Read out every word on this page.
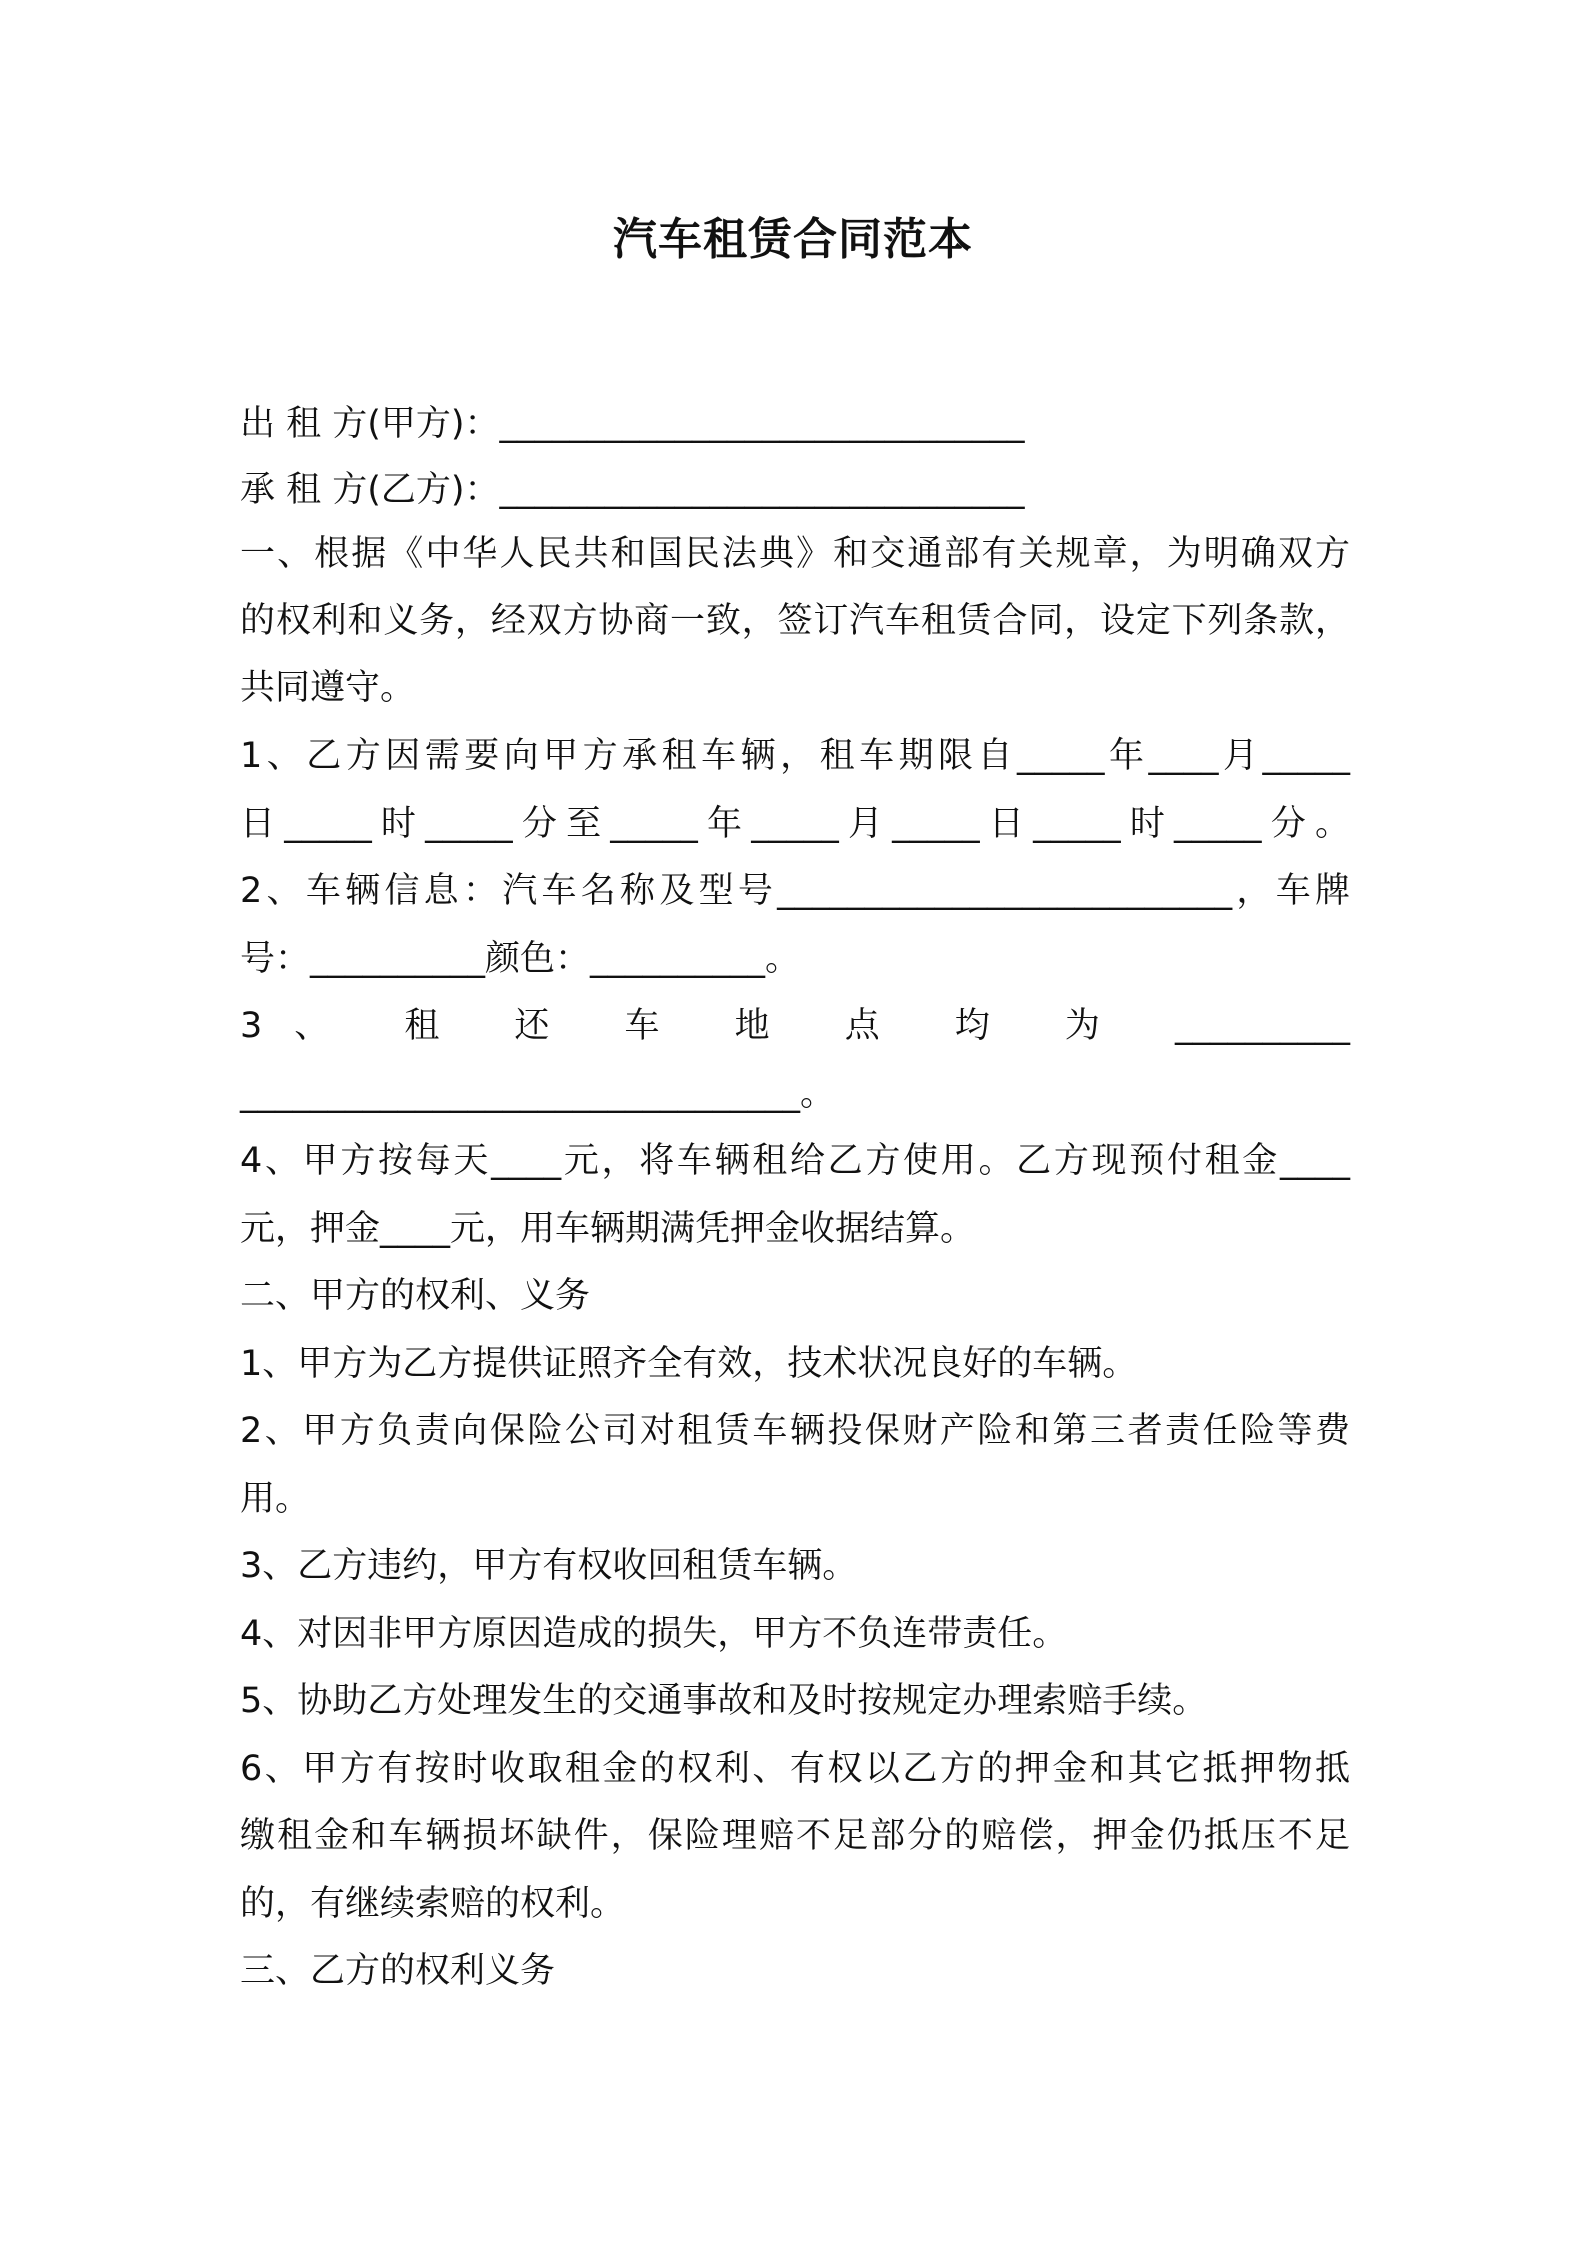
汽车租赁合同范本
出 租 方(甲方)：______________________________
承 租 方(乙方)：______________________________
一、根据《中华人民共和国民法典》和交通部有关规章，为明确双方
的权利和义务，经双方协商一致，签订汽车租赁合同，设定下列条款，
共同遵守。
1、乙方因需要向甲方承租车辆，租车期限自_____年____月_____
日_____时_____分至_____年_____月_____日_____时_____分。
2、车辆信息：汽车名称及型号__________________________，车牌
号：__________颜色：__________。
3、 租 还 车 地 点 均 为 __________
________________________________。
4、甲方按每天____元，将车辆租给乙方使用。乙方现预付租金____
元，押金____元，用车辆期满凭押金收据结算。
二、甲方的权利、义务
1、甲方为乙方提供证照齐全有效，技术状况良好的车辆。
2、甲方负责向保险公司对租赁车辆投保财产险和第三者责任险等费
用。
3、乙方违约，甲方有权收回租赁车辆。
4、对因非甲方原因造成的损失，甲方不负连带责任。
5、协助乙方处理发生的交通事故和及时按规定办理索赔手续。
6、甲方有按时收取租金的权利、有权以乙方的押金和其它抵押物抵
缴租金和车辆损坏缺件，保险理赔不足部分的赔偿，押金仍抵压不足
的，有继续索赔的权利。
三、乙方的权利义务
